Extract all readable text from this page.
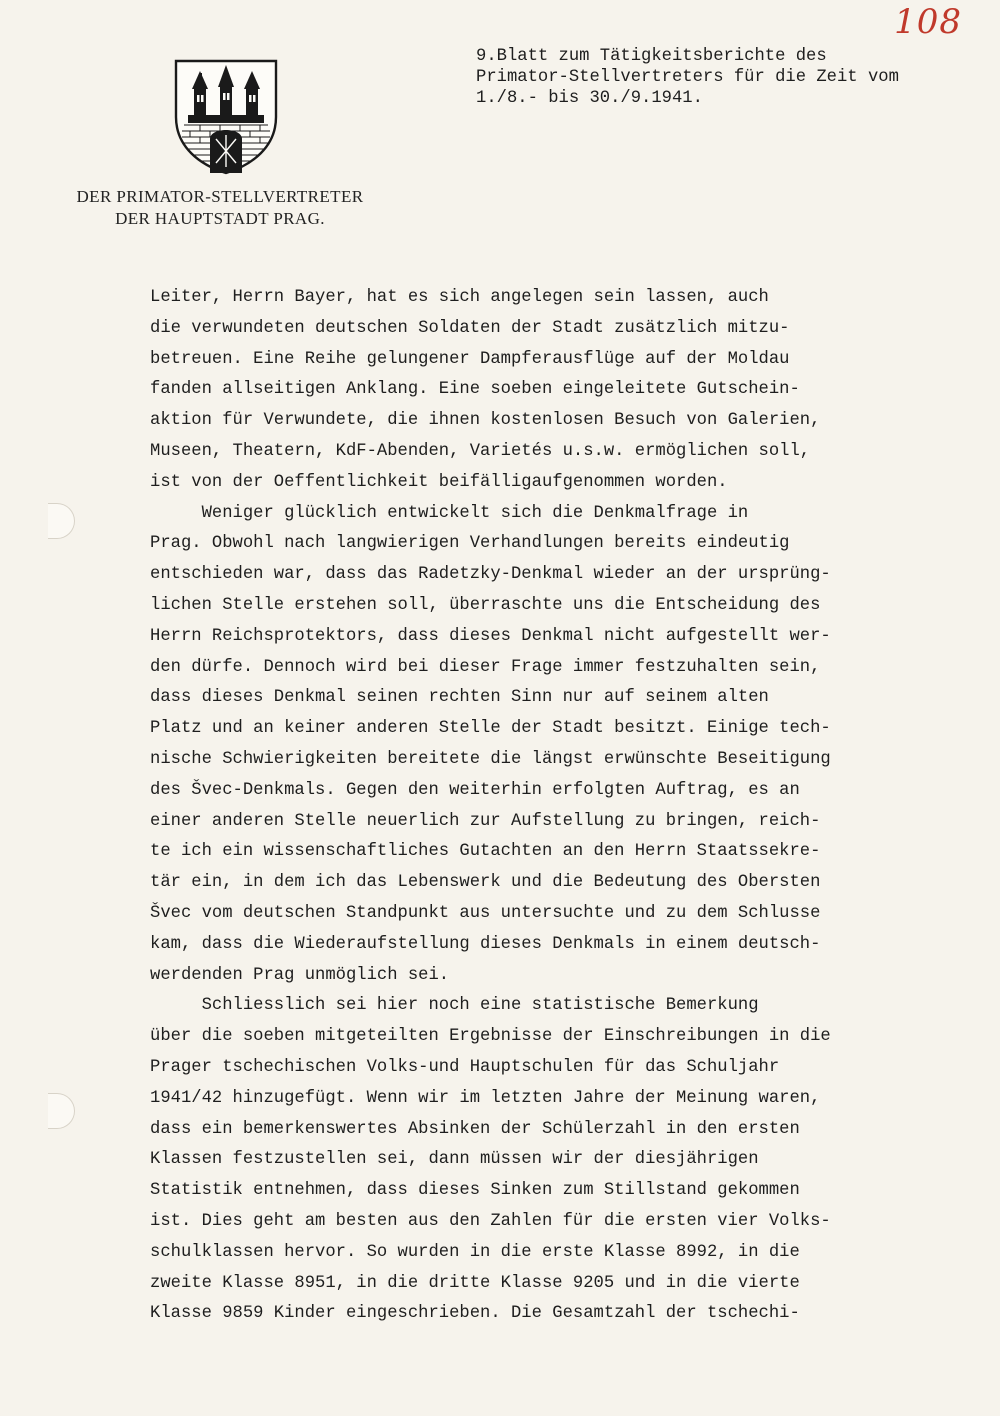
108
DER PRIMATOR-STELLVERTRETER
DER HAUPTSTADT PRAG.
9.Blatt zum Tätigkeitsberichte des
Primator-Stellvertreters für die Zeit vom
1./8.- bis 30./9.1941.
Leiter, Herrn Bayer, hat es sich angelegen sein lassen, auch
die verwundeten deutschen Soldaten der Stadt zusätzlich mitzu-
betreuen. Eine Reihe gelungener Dampferausflüge auf der Moldau
fanden allseitigen Anklang. Eine soeben eingeleitete Gutschein-
aktion für Verwundete, die ihnen kostenlosen Besuch von Galerien,
Museen, Theatern, KdF-Abenden, Varietés u.s.w. ermöglichen soll,
ist von der Oeffentlichkeit beifälligaufgenommen worden.
Weniger glücklich entwickelt sich die Denkmalfrage in
Prag. Obwohl nach langwierigen Verhandlungen bereits eindeutig
entschieden war, dass das Radetzky-Denkmal wieder an der ursprüng-
lichen Stelle erstehen soll, überraschte uns die Entscheidung des
Herrn Reichsprotektors, dass dieses Denkmal nicht aufgestellt wer-
den dürfe. Dennoch wird bei dieser Frage immer festzuhalten sein,
dass dieses Denkmal seinen rechten Sinn nur auf seinem alten
Platz und an keiner anderen Stelle der Stadt besitzt. Einige tech-
nische Schwierigkeiten bereitete die längst erwünschte Beseitigung
des Švec-Denkmals. Gegen den weiterhin erfolgten Auftrag, es an
einer anderen Stelle neuerlich zur Aufstellung zu bringen, reich-
te ich ein wissenschaftliches Gutachten an den Herrn Staatssekre-
tär ein, in dem ich das Lebenswerk und die Bedeutung des Obersten
Švec vom deutschen Standpunkt aus untersuchte und zu dem Schlusse
kam, dass die Wiederaufstellung dieses Denkmals in einem deutsch-
werdenden Prag unmöglich sei.
Schliesslich sei hier noch eine statistische Bemerkung
über die soeben mitgeteilten Ergebnisse der Einschreibungen in die
Prager tschechischen Volks-und Hauptschulen für das Schuljahr
1941/42 hinzugefügt. Wenn wir im letzten Jahre der Meinung waren,
dass ein bemerkenswertes Absinken der Schülerzahl in den ersten
Klassen festzustellen sei, dann müssen wir der diesjährigen
Statistik entnehmen, dass dieses Sinken zum Stillstand gekommen
ist. Dies geht am besten aus den Zahlen für die ersten vier Volks-
schulklassen hervor. So wurden in die erste Klasse 8992, in die
zweite Klasse 8951, in die dritte Klasse 9205 und in die vierte
Klasse 9859 Kinder eingeschrieben. Die Gesamtzahl der tschechi-
